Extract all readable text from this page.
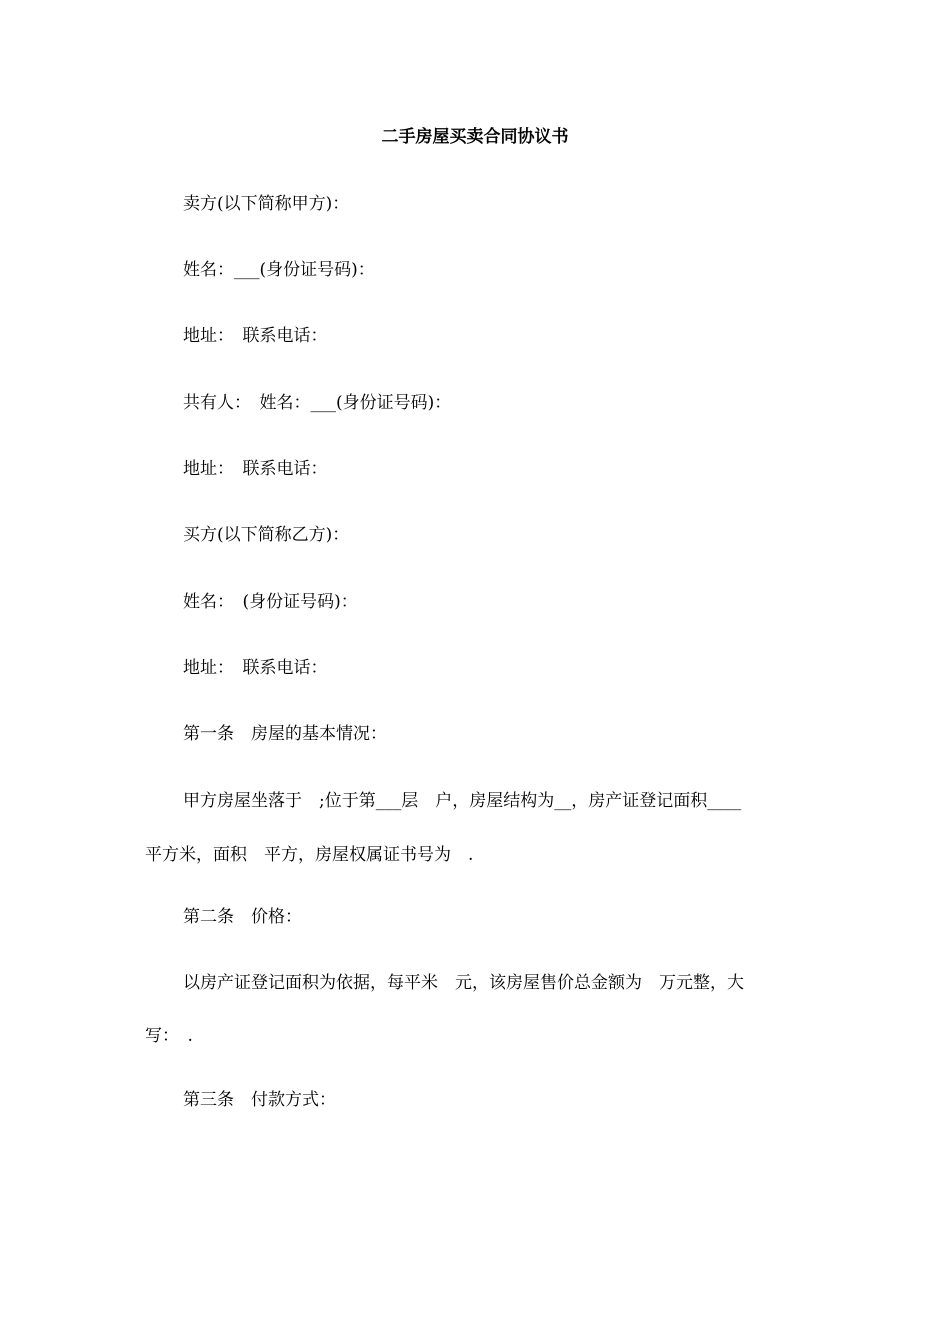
二手房屋买卖合同协议书
卖方(以下简称甲方)：
姓名：___(身份证号码)：
地址：　联系电话：
共有人：　姓名：___(身份证号码)：
地址：　联系电话：
买方(以下简称乙方)：
姓名：　(身份证号码)：
地址：　联系电话：
第一条　房屋的基本情况：
甲方房屋坐落于　;位于第___层　户，房屋结构为__，房产证登记面积____
平方米，面积　平方，房屋权属证书号为　.
第二条　价格：
以房产证登记面积为依据，每平米　元，该房屋售价总金额为　万元整，大
写：　.
第三条　付款方式：
